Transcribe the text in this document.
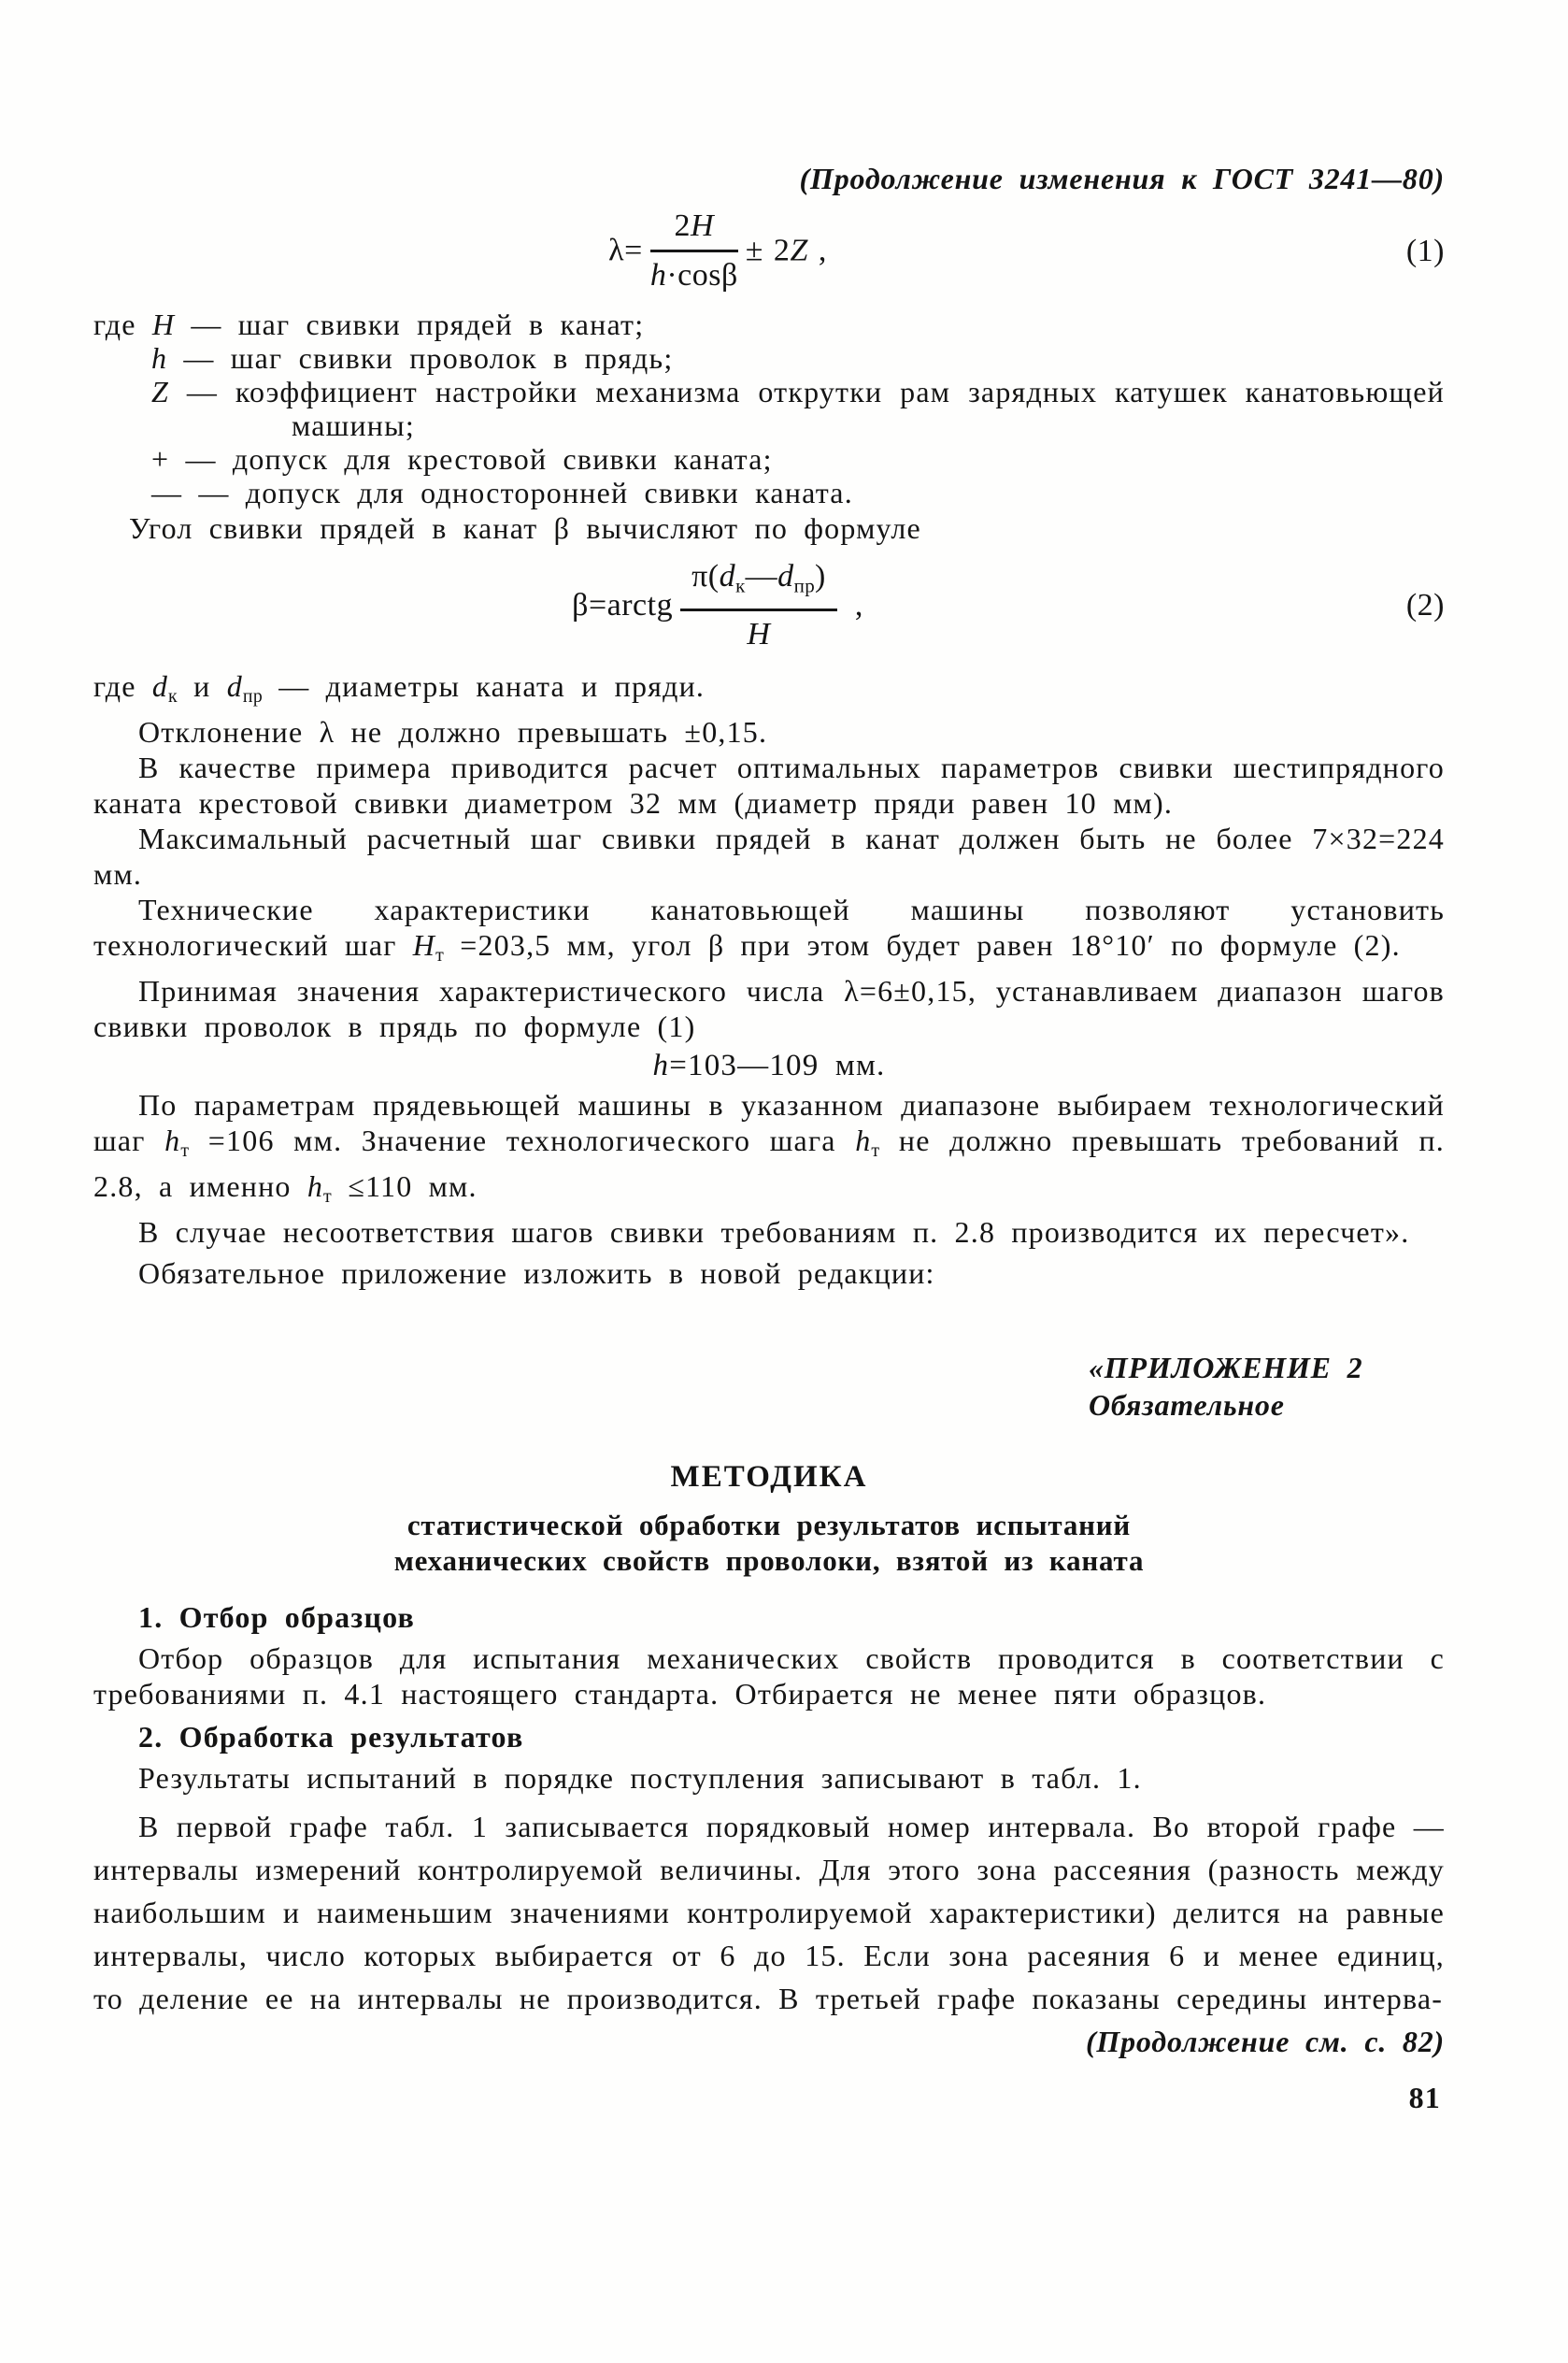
(Продолжение изменения к ГОСТ 3241—80)
$\lambda= \frac{2H}{h\cdot\cos\beta} \pm 2Z$ ,	(1)
где H — шаг свивки прядей в канат;
h — шаг свивки проволок в прядь;
Z — коэффициент настройки механизма открутки рам зарядных катушек канатовьющей машины;
+ — допуск для крестовой свивки каната;
— — допуск для односторонней свивки каната.
Угол свивки прядей в канат β вычисляют по формуле
β=arctg $\frac{\pi(d_к—d_{пр})}{H}$ ,	(2)

где $d_к$ и $d_{пр}$ — диаметры каната и пряди.

Отклонение λ не должно превышать ±0,15.

В качестве примера приводится расчет оптимальных параметров свивки шестипрядного каната крестовой свивки диаметром 32 мм (диаметр пряди равен 10 мм).

Максимальный расчетный шаг свивки прядей в канат должен быть не более 7×32=224 мм.

Технические характеристики канатовьющей машины позволяют установить технологический шаг $H_т =203,5$ мм, угол β при этом будет равен 18°10′ по формуле (2).

Принимая значения характеристического числа λ=6±0,15, устанавливаем диапазон шагов свивки проволок в прядь по формуле (1)

h=103—109 мм.

По параметрам прядевьющей машины в указанном диапазоне выбираем технологический шаг $h_т =106$ мм. Значение технологического шага $h_т$ не должно превышать требований п. 2.8, а именно $h_т \le 110$ мм.

В случае несоответствия шагов свивки требованиям п. 2.8 производится их пересчет».

Обязательное приложение изложить в новой редакции:

«ПРИЛОЖЕНИЕ 2
Обязательное
МЕТОДИКА
статистической обработки результатов испытаний
механических свойств проволоки, взятой из каната
1. Отбор образцов

Отбор образцов для испытания механических свойств проводится в соответствии с требованиями п. 4.1 настоящего стандарта. Отбирается не менее пяти образцов.

2. Обработка результатов

Результаты испытаний в порядке поступления записывают в табл. 1.

В первой графе табл. 1 записывается порядковый номер интервала. Во второй графе — интервалы измерений контролируемой величины. Для этого зона рассеяния (разность между наибольшим и наименьшим значениями контролируемой характеристики) делится на равные интервалы, число которых выбирается от 6 до 15. Если зона расеяния 6 и менее единиц, то деление ее на интервалы не производится. В третьей графе показаны середины интерва-

(Продолжение см. с. 82)
81
